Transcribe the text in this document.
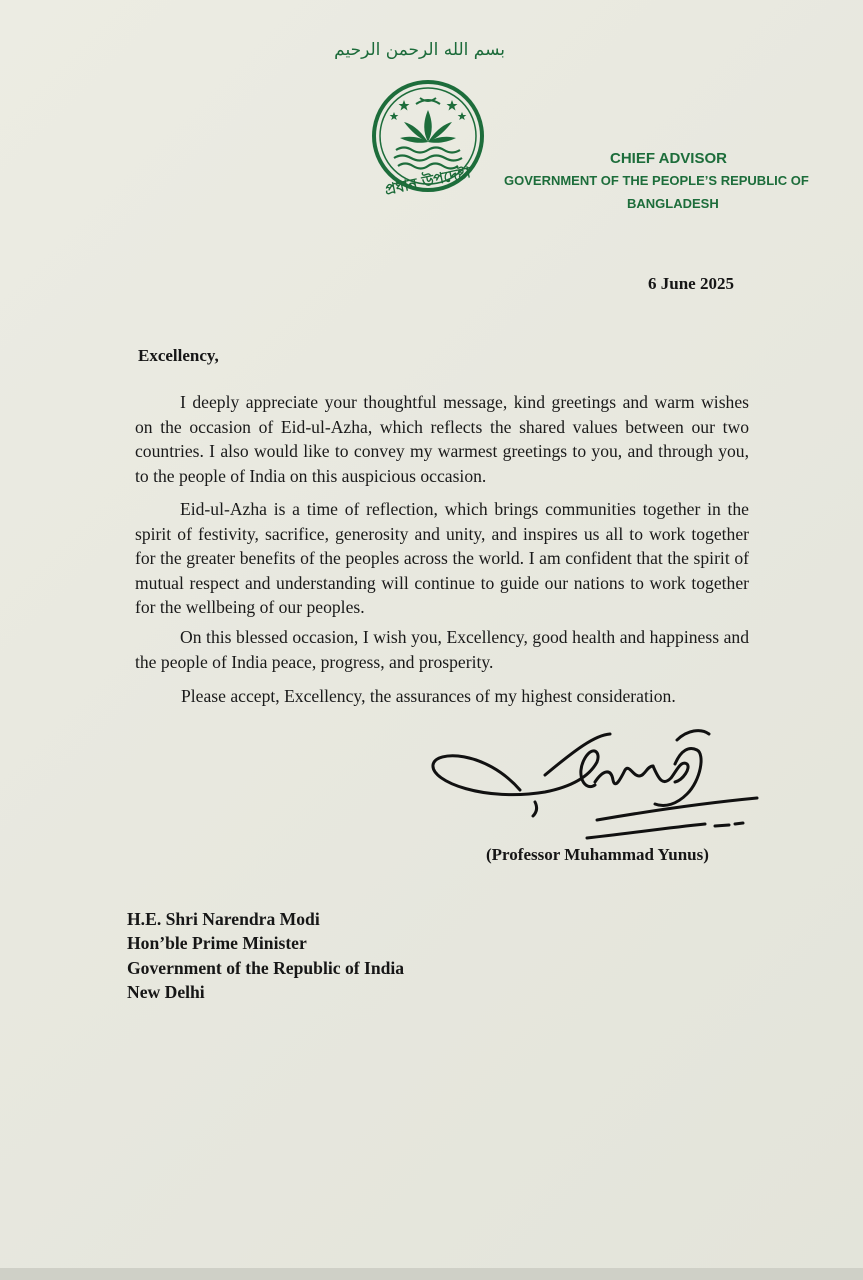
بسم الله الرحمن الرحيم
প্রধান উপদেষ্টা
CHIEF ADVISOR
GOVERNMENT OF THE PEOPLE’S REPUBLIC OF
BANGLADESH
6 June 2025
Excellency,

I deeply appreciate your thoughtful message, kind greetings and warm wishes on the occasion of Eid-ul-Azha, which reflects the shared values between our two countries. I also would like to convey my warmest greetings to you, and through you, to the people of India on this auspicious occasion.

Eid-ul-Azha is a time of reflection, which brings communities together in the spirit of festivity, sacrifice, generosity and unity, and inspires us all to work together for the greater benefits of the peoples across the world. I am confident that the spirit of mutual respect and understanding will continue to guide our nations to work together for the wellbeing of our peoples.

On this blessed occasion, I wish you, Excellency, good health and happiness and the people of India peace, progress, and prosperity.

Please accept, Excellency, the assurances of my highest consideration.
(Professor Muhammad Yunus)
H.E. Shri Narendra Modi
Hon’ble Prime Minister
Government of the Republic of India
New Delhi
